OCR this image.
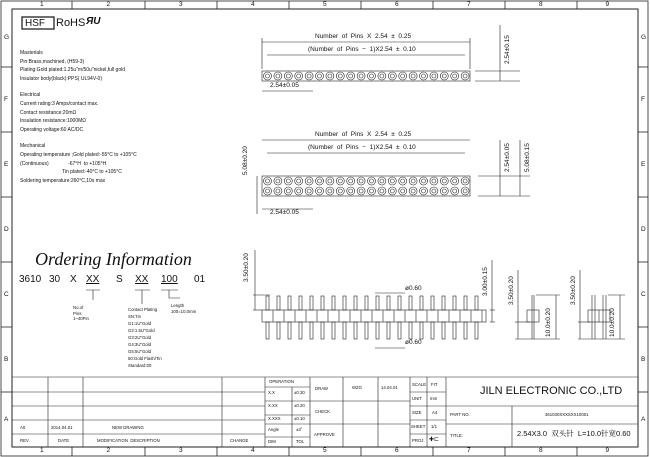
HSF RoHS ЯU
1
1
2
2
3
3
4
4
5
5
6
6
7
7
8
8
9
9
G	G
F	F
E	E
D	D
C	C
B	B
A	A
Masterials
Pin:Brass,machined, (H59-3)
Plating:Gold plated:1.25u"m/50u"nickel,full gold
Insulator body(black):PPS( UL94V-0)
Electrical
Current rating:3 Amps/contact max.
Contact resistance:20mΩ
Insulation resistance:1000MΩ
Operating voltage:60 AC/DC
Mechanical
Operating temperature ;Gold plated:-55°C to +105°C
(Continuous)              -67°H  to +105°H
Tin plated:-40°C to +105°C
Soldering temperature:260°C,10s max
Ordering Information
3610 30 X XX S XX 100 01
No.of
Pins
1~40Pin
Contact Plating
SN:Tin
G1:1U"Gold
G2:1.5U"Gold
G3:2U"Gold
G4:3U"Gold
G5:5U"Gold
50:Gold Flash/Tin
Standard:00
Length
100=10.0mm
Number  of  Pins  X  2.54  ±  0.25
(Number  of  Pins  −  1)X2.54  ±  0.10
2.54±0.05
2.54±0.15
Number  of  Pins  X  2.54  ±  0.25
(Number  of  Pins  −  1)X2.54  ±  0.10
2.54±0.05
5.08±0.20	2.54±0.05 5.08±0.15
3.50±0.20
ø0.60
ø0.60
3.00±0.15	3.50±0.20
10.0±0.20
3.50±0.20
10.0±0.20
A0	2014.04.01	NEW DRAWING
REV	DATE	MODIFICATION  DESCRIPTION	CHANGE
OPERATION
X.X	±0.30
X.XX	±0.20
X.XXX	±0.10
Angle	±3˚
DIM	TOL
DRAW	WZG	14.04.01
CHECK
APPROVE
SCALE FIT
UNIT mm
SIZE A4
SHEET 1/1
PROJ. ✚⊏
JILN ELECTRONIC CO.,LTD
PART NO.	361030XXXSXX10001
TITLE:	2.54X3.0  双头针  L=10.0针宽0.60
